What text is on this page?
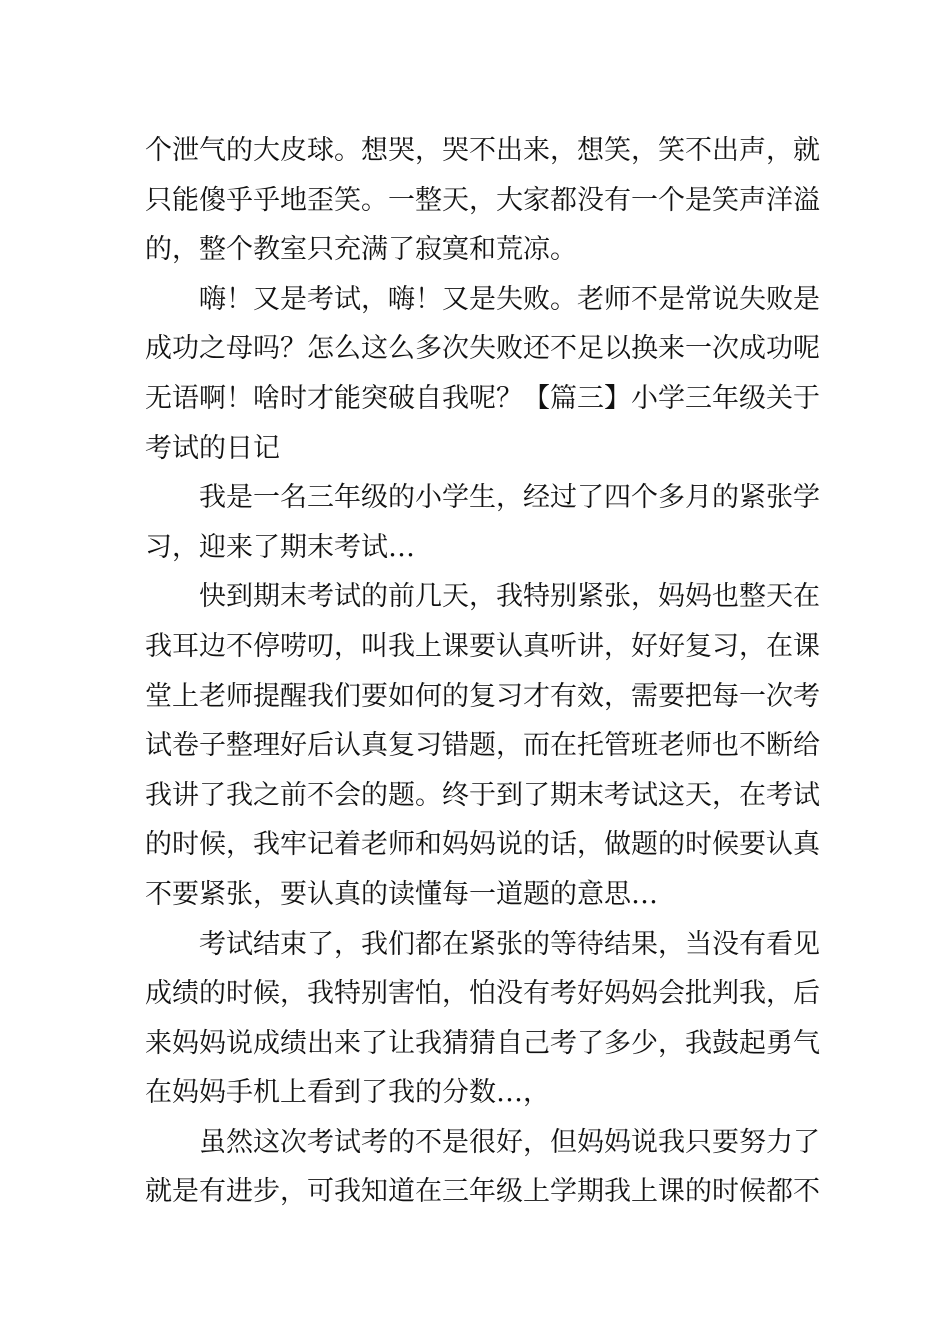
个泄气的大皮球。想哭，哭不出来，想笑，笑不出声，就
只能傻乎乎地歪笑。一整天，大家都没有一个是笑声洋溢
的，整个教室只充满了寂寞和荒凉。
嗨！又是考试，嗨！又是失败。老师不是常说失败是
成功之母吗？怎么这么多次失败还不足以换来一次成功呢
无语啊！啥时才能突破自我呢？【篇三】小学三年级关于
考试的日记
我是一名三年级的小学生，经过了四个多月的紧张学
习，迎来了期末考试…
快到期末考试的前几天，我特别紧张，妈妈也整天在
我耳边不停唠叨，叫我上课要认真听讲，好好复习，在课
堂上老师提醒我们要如何的复习才有效，需要把每一次考
试卷子整理好后认真复习错题，而在托管班老师也不断给
我讲了我之前不会的题。终于到了期末考试这天，在考试
的时候，我牢记着老师和妈妈说的话，做题的时候要认真
不要紧张，要认真的读懂每一道题的意思…
考试结束了，我们都在紧张的等待结果，当没有看见
成绩的时候，我特别害怕，怕没有考好妈妈会批判我，后
来妈妈说成绩出来了让我猜猜自己考了多少，我鼓起勇气
在妈妈手机上看到了我的分数…，
虽然这次考试考的不是很好，但妈妈说我只要努力了
就是有进步，可我知道在三年级上学期我上课的时候都不
